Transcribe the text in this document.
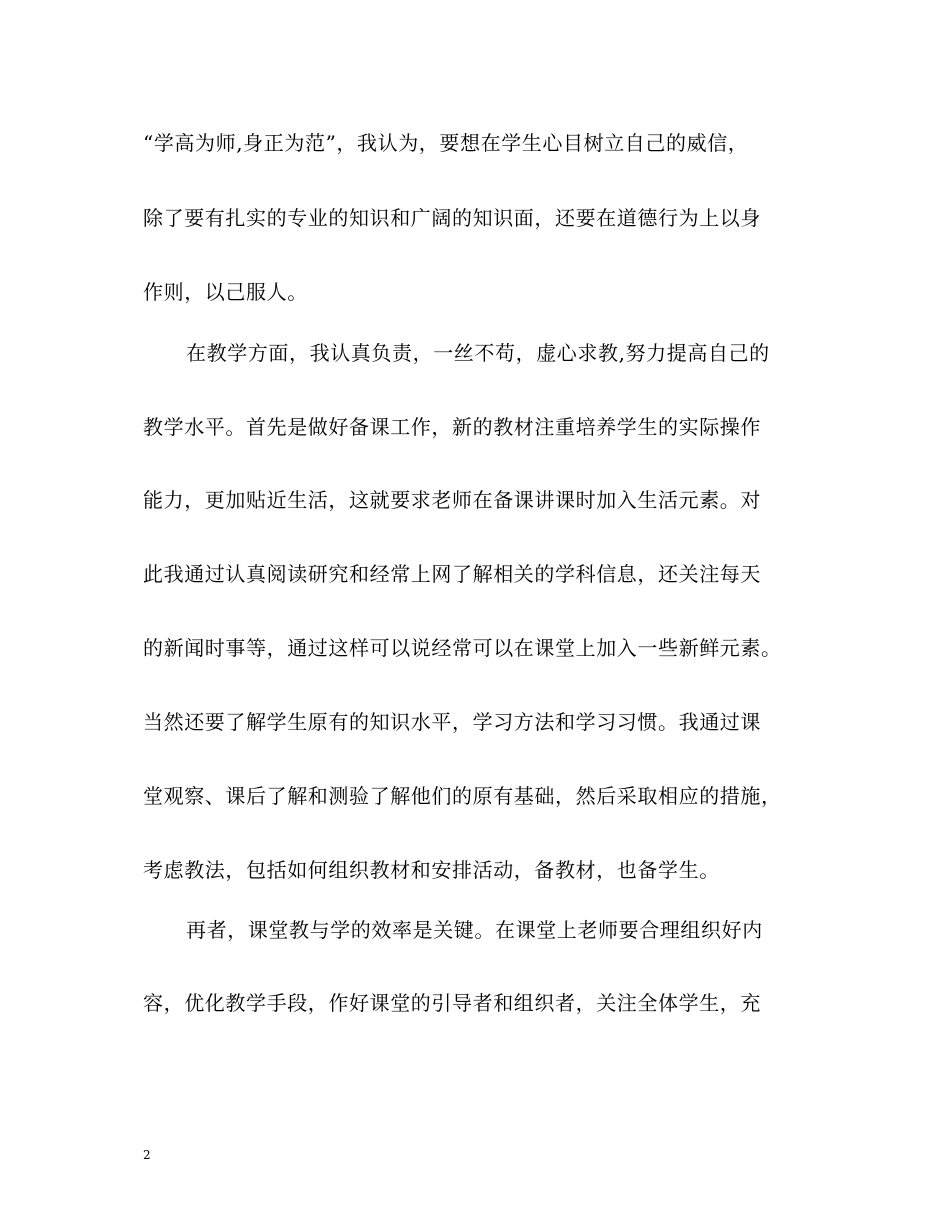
“学高为师,身正为范”，我认为，要想在学生心目树立自己的威信，
除了要有扎实的专业的知识和广阔的知识面，还要在道德行为上以身
作则，以己服人。
在教学方面，我认真负责，一丝不苟，虚心求教,努力提高自己的
教学水平。首先是做好备课工作，新的教材注重培养学生的实际操作
能力，更加贴近生活，这就要求老师在备课讲课时加入生活元素。对
此我通过认真阅读研究和经常上网了解相关的学科信息，还关注每天
的新闻时事等，通过这样可以说经常可以在课堂上加入一些新鲜元素。
当然还要了解学生原有的知识水平，学习方法和学习习惯。我通过课
堂观察、课后了解和测验了解他们的原有基础，然后采取相应的措施，
考虑教法，包括如何组织教材和安排活动，备教材，也备学生。
再者，课堂教与学的效率是关键。在课堂上老师要合理组织好内
容，优化教学手段，作好课堂的引导者和组织者，关注全体学生，充
2
